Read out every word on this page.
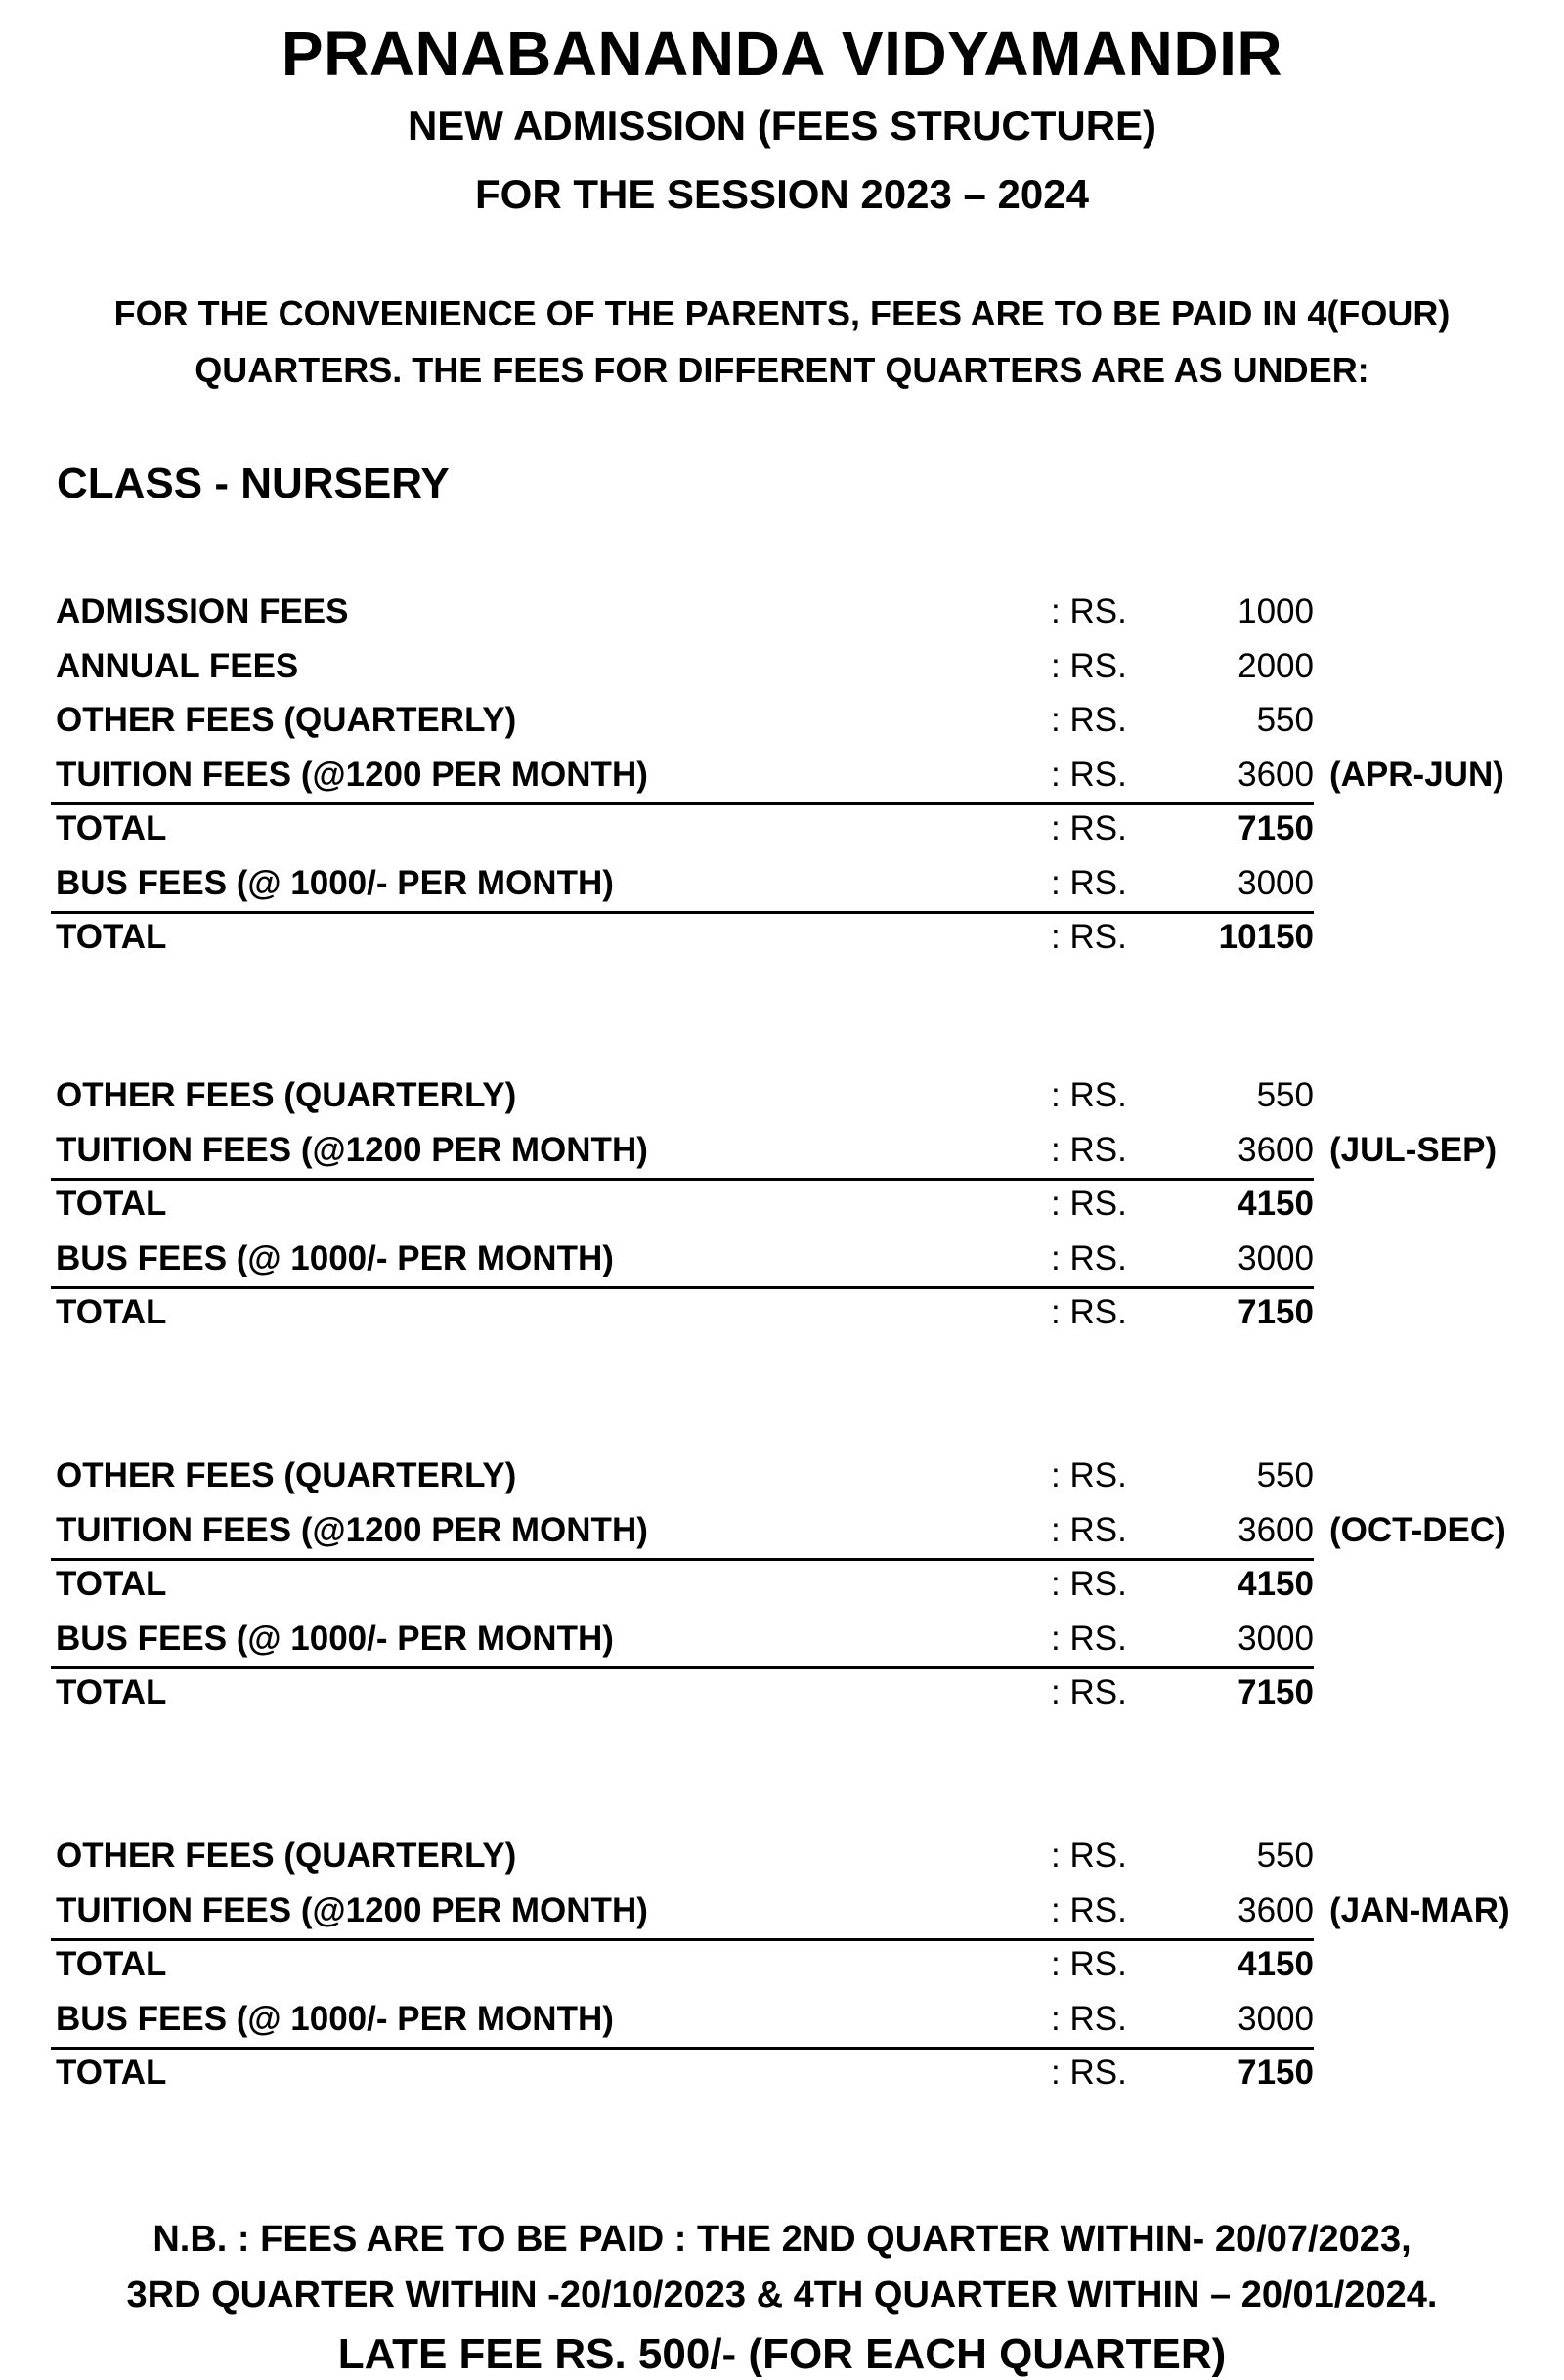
PRANABANANDA VIDYAMANDIR
NEW ADMISSION (FEES STRUCTURE)
FOR THE SESSION 2023 – 2024
FOR THE CONVENIENCE OF THE PARENTS, FEES ARE TO BE PAID IN 4(FOUR)
QUARTERS. THE FEES FOR DIFFERENT QUARTERS ARE AS UNDER:
CLASS - NURSERY
ADMISSION FEES	: RS.	1000
ANNUAL FEES	: RS.	2000
OTHER FEES (QUARTERLY)	: RS.	550
TUITION FEES (@1200 PER MONTH)	: RS.	3600 (APR-JUN)
TOTAL	: RS.	7150
BUS FEES (@ 1000/- PER MONTH)	: RS.	3000
TOTAL	: RS.	10150
OTHER FEES (QUARTERLY)	: RS.	550
TUITION FEES (@1200 PER MONTH)	: RS.	3600 (JUL-SEP)
TOTAL	: RS.	4150
BUS FEES (@ 1000/- PER MONTH)	: RS.	3000
TOTAL	: RS.	7150
OTHER FEES (QUARTERLY)	: RS.	550
TUITION FEES (@1200 PER MONTH)	: RS.	3600 (OCT-DEC)
TOTAL	: RS.	4150
BUS FEES (@ 1000/- PER MONTH)	: RS.	3000
TOTAL	: RS.	7150
OTHER FEES (QUARTERLY)	: RS.	550
TUITION FEES (@1200 PER MONTH)	: RS.	3600 (JAN-MAR)
TOTAL	: RS.	4150
BUS FEES (@ 1000/- PER MONTH)	: RS.	3000
TOTAL	: RS.	7150
N.B. : FEES ARE TO BE PAID : THE 2ND QUARTER WITHIN- 20/07/2023,
3RD QUARTER WITHIN -20/10/2023 & 4TH QUARTER WITHIN – 20/01/2024.
LATE FEE RS. 500/- (FOR EACH QUARTER)
